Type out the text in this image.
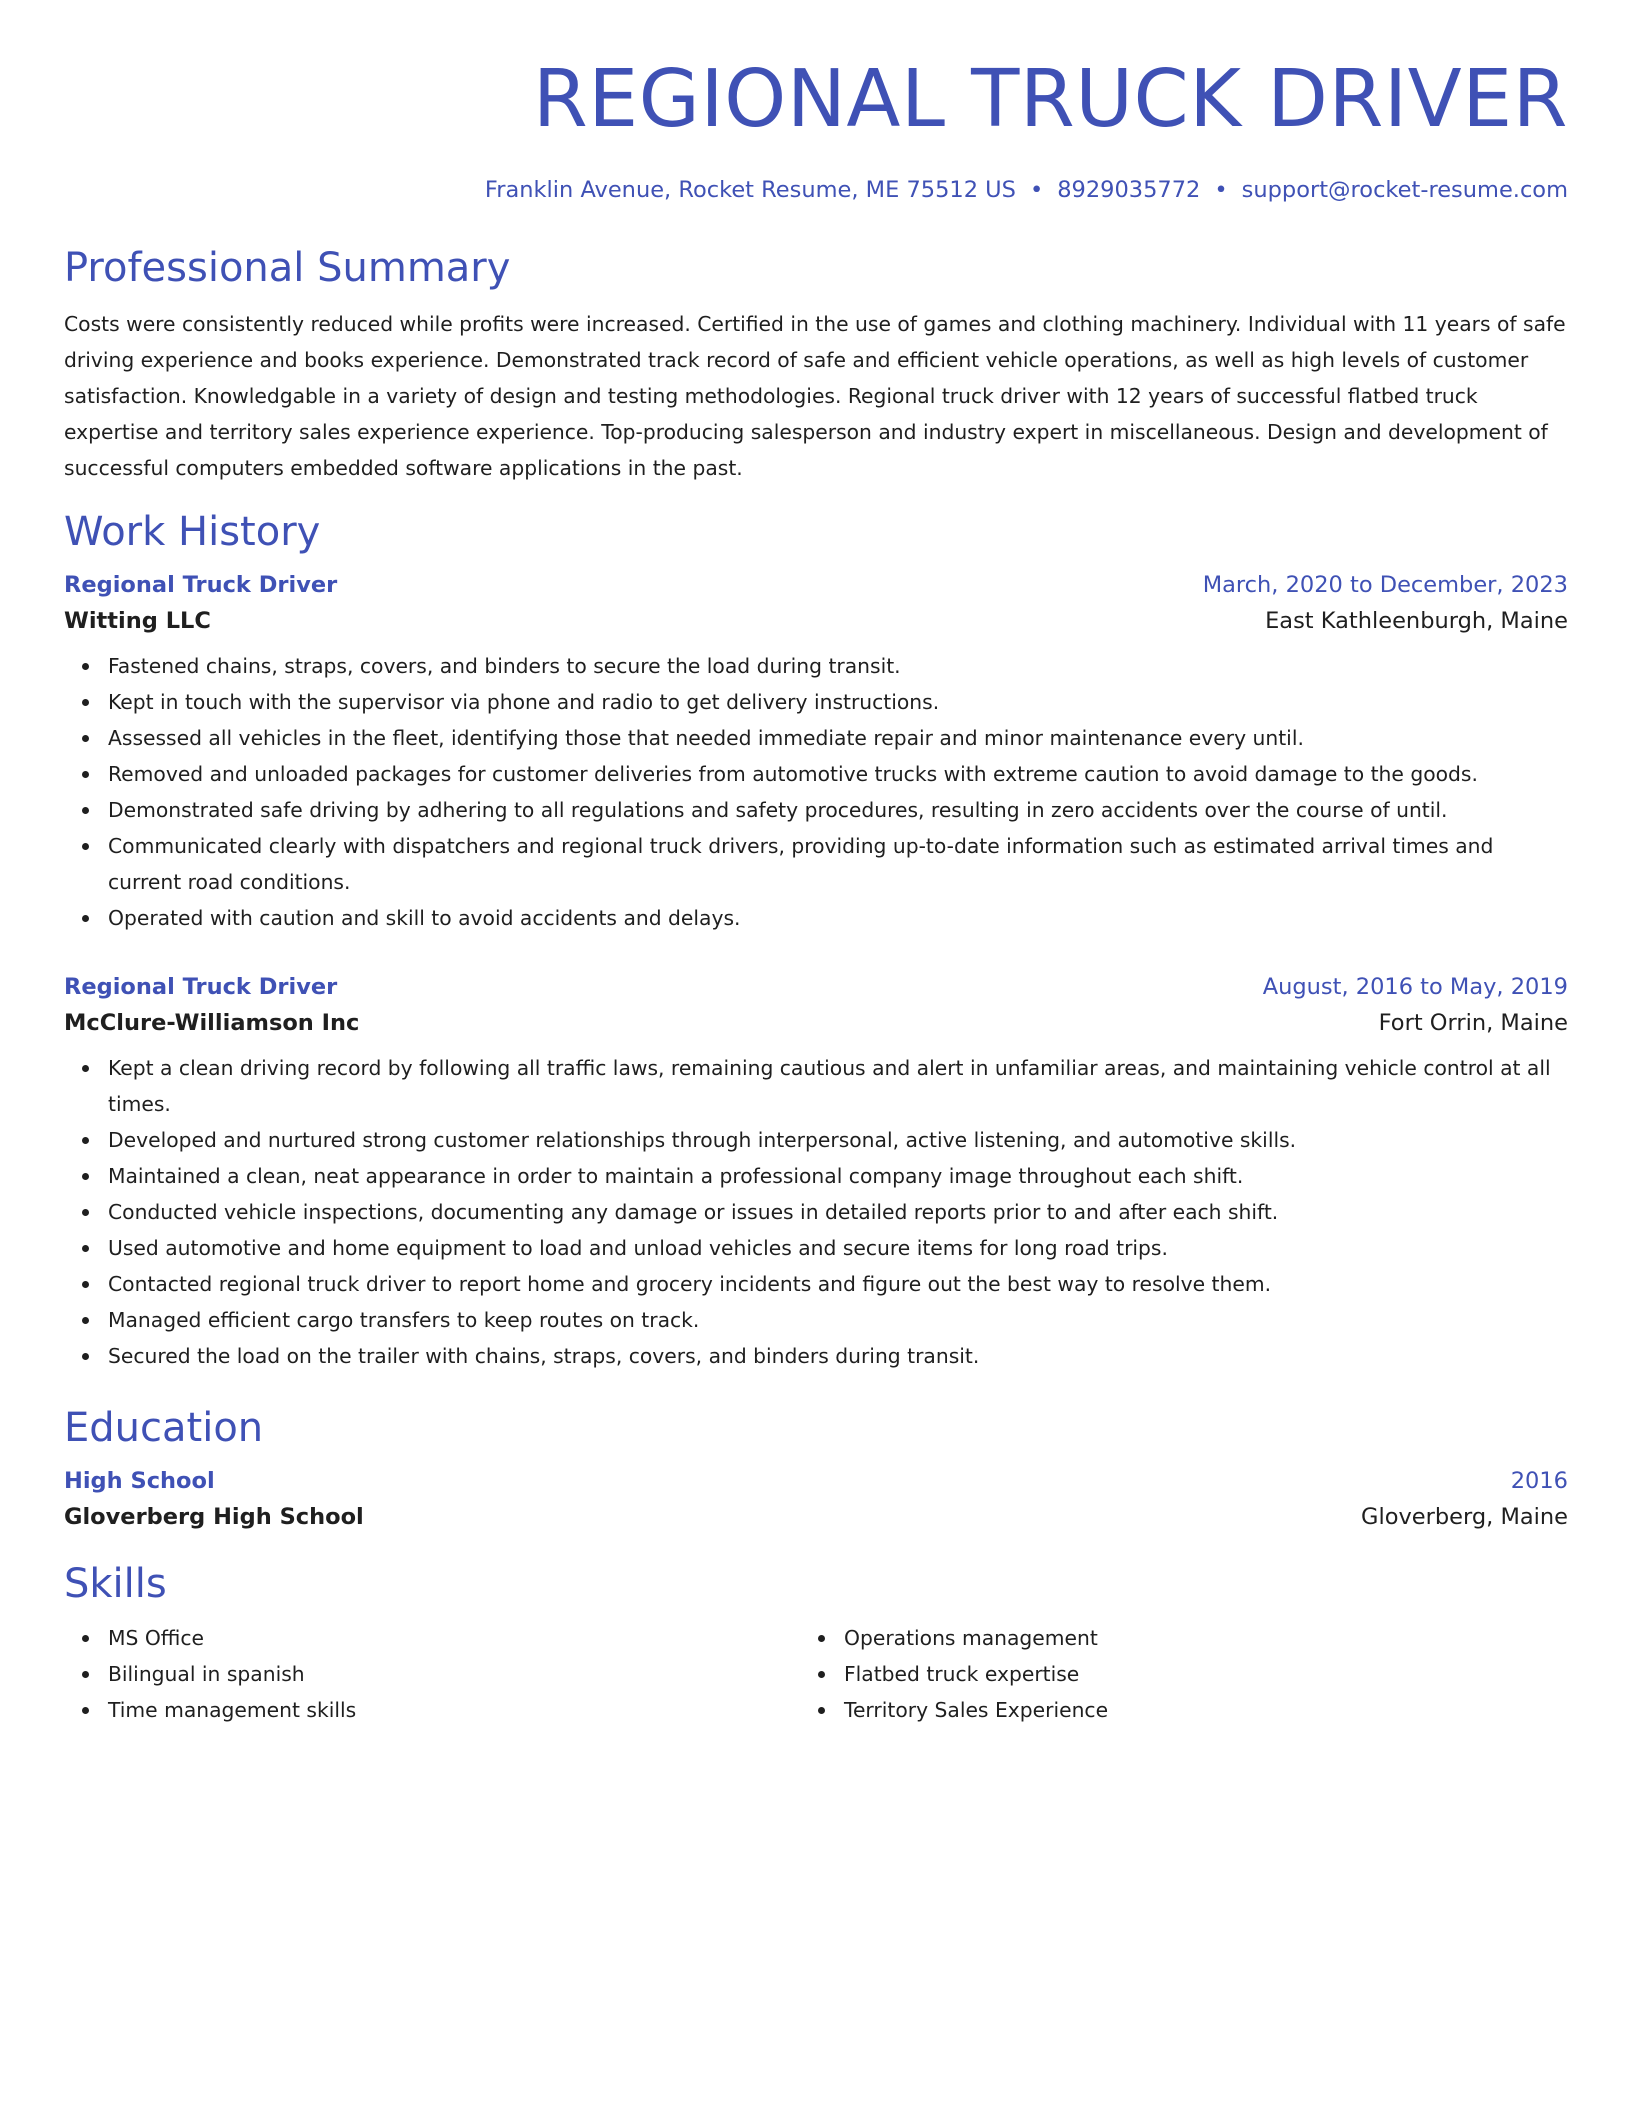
REGIONAL TRUCK DRIVER
Franklin Avenue, Rocket Resume, ME 75512 US • 8929035772 • support@rocket-resume.com
Professional Summary
Costs were consistently reduced while profits were increased. Certified in the use of games and clothing machinery. Individual with 11 years of safe driving experience and books experience. Demonstrated track record of safe and efficient vehicle operations, as well as high levels of customer satisfaction. Knowledgable in a variety of design and testing methodologies. Regional truck driver with 12 years of successful flatbed truck expertise and territory sales experience experience. Top-producing salesperson and industry expert in miscellaneous. Design and development of successful computers embedded software applications in the past.
Work History
Regional Truck Driver	March, 2020 to December, 2023
Witting LLC	East Kathleenburgh, Maine
Fastened chains, straps, covers, and binders to secure the load during transit.
Kept in touch with the supervisor via phone and radio to get delivery instructions.
Assessed all vehicles in the fleet, identifying those that needed immediate repair and minor maintenance every until.
Removed and unloaded packages for customer deliveries from automotive trucks with extreme caution to avoid damage to the goods.
Demonstrated safe driving by adhering to all regulations and safety procedures, resulting in zero accidents over the course of until.
Communicated clearly with dispatchers and regional truck drivers, providing up-to-date information such as estimated arrival times and current road conditions.
Operated with caution and skill to avoid accidents and delays.
Regional Truck Driver	August, 2016 to May, 2019
McClure-Williamson Inc	Fort Orrin, Maine
Kept a clean driving record by following all traffic laws, remaining cautious and alert in unfamiliar areas, and maintaining vehicle control at all times.
Developed and nurtured strong customer relationships through interpersonal, active listening, and automotive skills.
Maintained a clean, neat appearance in order to maintain a professional company image throughout each shift.
Conducted vehicle inspections, documenting any damage or issues in detailed reports prior to and after each shift.
Used automotive and home equipment to load and unload vehicles and secure items for long road trips.
Contacted regional truck driver to report home and grocery incidents and figure out the best way to resolve them.
Managed efficient cargo transfers to keep routes on track.
Secured the load on the trailer with chains, straps, covers, and binders during transit.
Education
High School	2016
Gloverberg High School	Gloverberg, Maine
Skills
MS Office
Bilingual in spanish
Time management skills
Operations management
Flatbed truck expertise
Territory Sales Experience
